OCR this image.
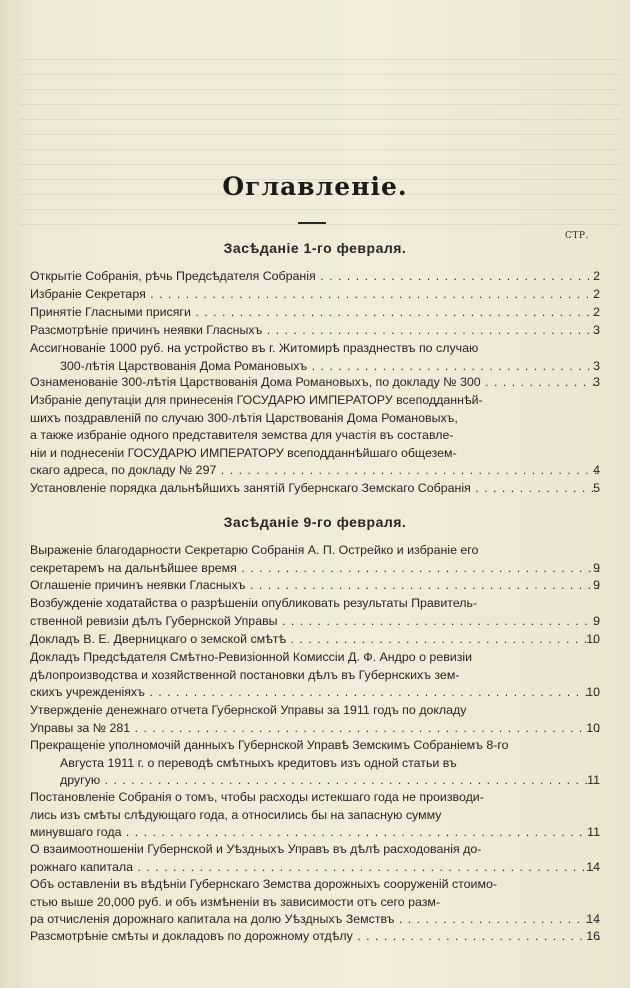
Оглавленiе.
СТР.
Засѣданiе 1-го февраля.
Открытiе Собранiя, рѣчь Предсѣдателя Собранiя	2
. . .
Избранiе Секретаря	2
. . .
Принятiе Гласными присяги	2
. . .
Разсмотрѣнiе причинъ неявки Гласныхъ	3
. . .
Ассигнованiе 1000 руб. на устройство въ г. Житомирѣ празднествъ по случаю
300-лѣтiя Царствованiя Дома Романовыхъ	3
. . .
Ознаменованiе 300-лѣтiя Царствованiя Дома Романовыхъ, по докладу № 300	3
. . .
Избранiе депутацiи для принесенiя ГОСУДАРЮ ИМПЕРАТОРУ всеподданнѣй-
шихъ поздравленiй по случаю 300-лѣтiя Царствованiя Дома Романовыхъ,
а также избранiе одного представителя земства для участiя въ составле-
нiи и поднесенiи ГОСУДАРЮ ИМПЕРАТОРУ всеподданнѣйшаго общезем-
скаго адреса, по докладу № 297	4
. . .
Установленiе порядка дальнѣйшихъ занятiй Губернскаго Земскаго Собранiя	5
. . .
Засѣданiе 9-го февраля.
Выраженiе благодарности Секретарю Собранiя А. П. Острейко и избранiе его
секретаремъ на дальнѣйшее время	9
. . .
Оглашенiе причинъ неявки Гласныхъ	9
. . .
Возбужденiе ходатайства о разрѣшенiи опубликовать результаты Правитель-
ственной ревизiи дѣлъ Губернской Управы	9
. . .
Докладъ В. Е. Дверницкаго о земской смѣтѣ	10
. . .
Докладъ Предсѣдателя Смѣтно-Ревизiонной Комиссiи Д. Ф. Андро о ревизiи
дѣлопроизводства и хозяйственной постановки дѣлъ въ Губернскихъ зем-
скихъ учрежденiяхъ	10
. . .
Утвержденiе денежнаго отчета Губернской Управы за 1911 годъ по докладу
Управы за № 281	10
. . .
Прекращенiе уполномочiй данныхъ Губернской Управѣ Земскимъ Собранiемъ 8-го
Августа 1911 г. о переводѣ смѣтныхъ кредитовъ изъ одной статьи въ
другую	11
. . .
Постановленiе Собранiя о томъ, чтобы расходы истекшаго года не производи-
лись изъ смѣты слѣдующаго года, а относились бы на запасную сумму
минувшаго года	11
. . .
О взаимоотношенiи Губернской и Уѣздныхъ Управъ въ дѣлѣ расходованiя до-
рожнаго капитала	14
. . .
Объ оставленiи въ вѣдѣнiи Губернскаго Земства дорожныхъ сооруженiй стоимо-
стью выше 20,000 руб. и объ измѣненiи въ зависимости отъ сего разм-
ра отчисленiя дорожнаго капитала на долю Уѣздныхъ Земствъ	14
. . .
Разсмотрѣнiе смѣты и докладовъ по дорожному отдѣлу	16
. . .
